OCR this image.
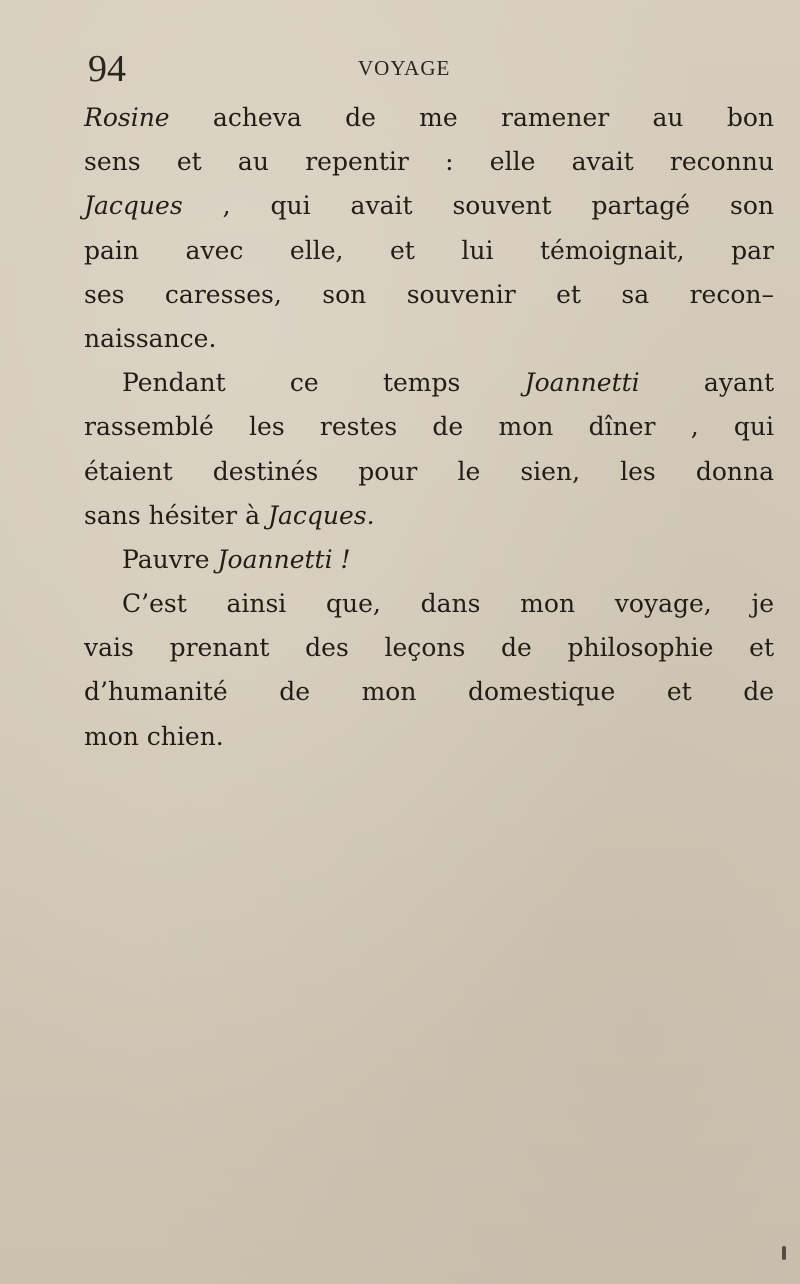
94	VOYAGE
Rosine acheva de me ramener au bon
sens et au repentir : elle avait reconnu
Jacques , qui avait souvent partagé son
pain avec elle, et lui témoignait, par
ses caresses, son souvenir et sa recon–
naissance.
Pendant ce temps Joannetti ayant
rassemblé les restes de mon dîner , qui
étaient destinés pour le sien, les donna
sans hésiter à Jacques.
Pauvre Joannetti !
C’est ainsi que, dans mon voyage, je
vais prenant des leçons de philosophie et
d’humanité de mon domestique et de
mon chien.
